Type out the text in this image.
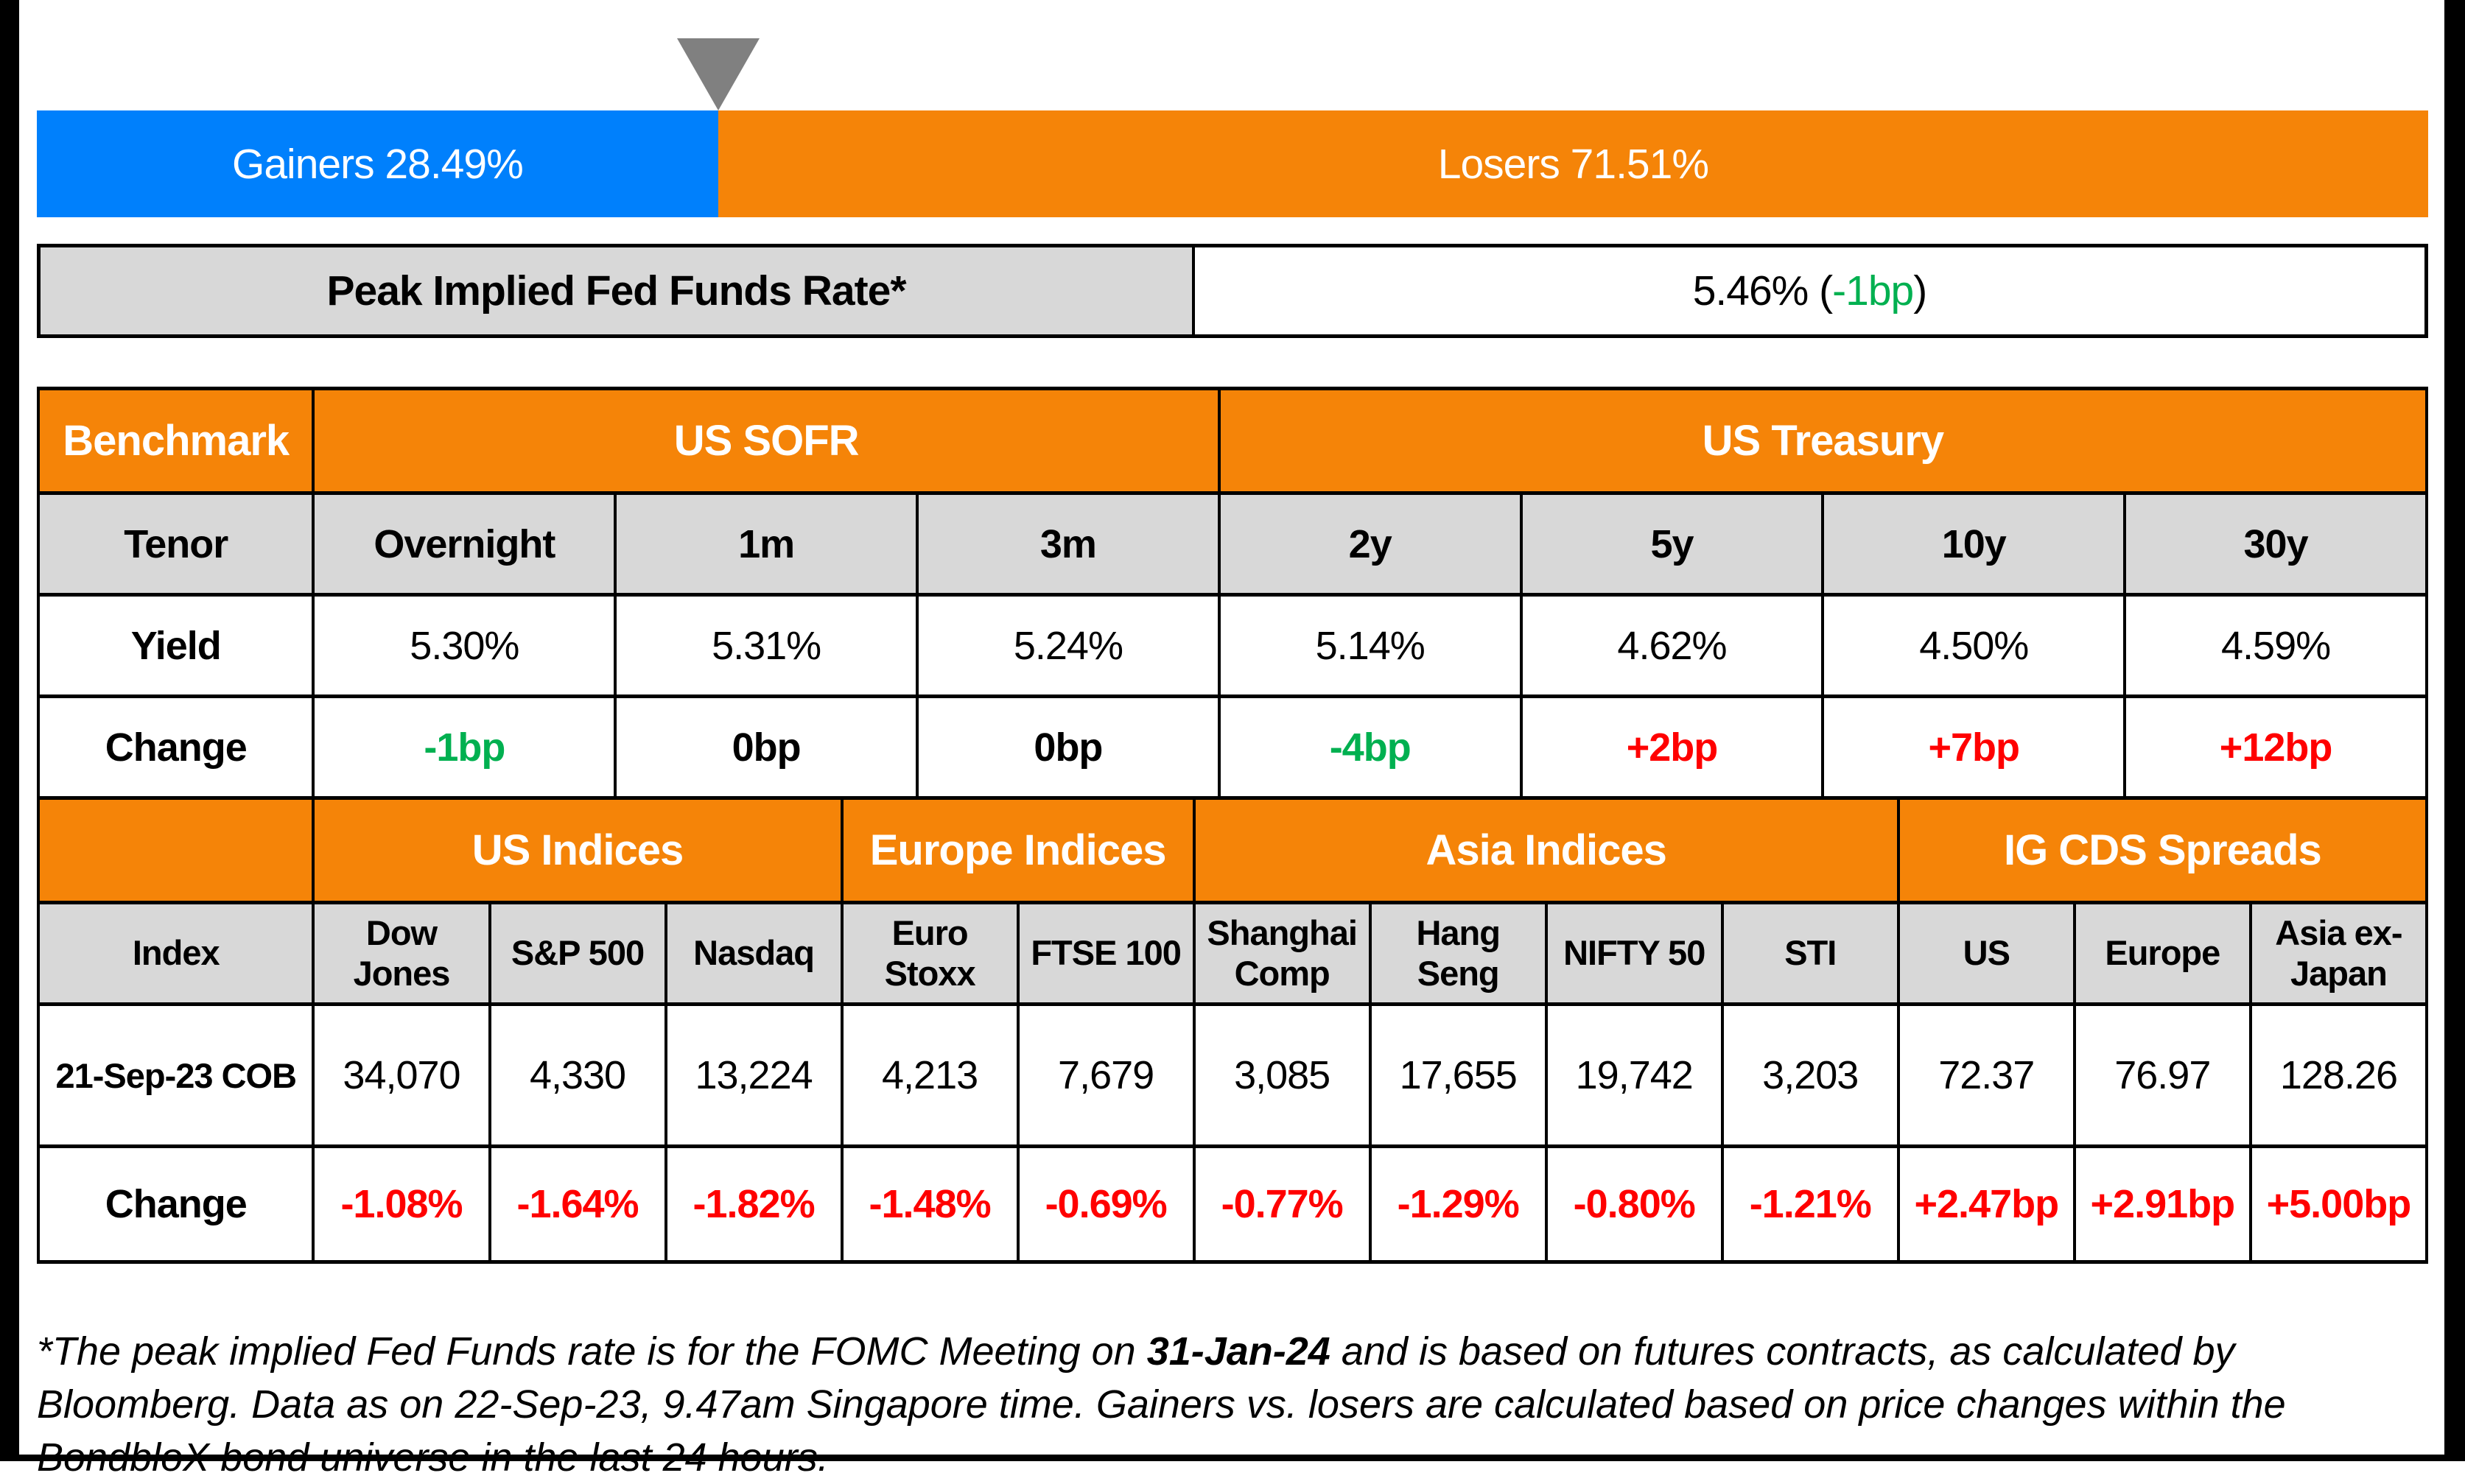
Gainers 28.49%	Losers 71.51%
Peak Implied Fed Funds Rate*	5.46% ( -1bp )
Benchmark	US SOFR			US Treasury			
Tenor	Overnight	1m	3m	2y	5y	10y	30y
Yield	5.30%	5.31%	5.24%	5.14%	4.62%	4.50%	4.59%
Change	-1bp	0bp	0bp	-4bp	+2bp	+7bp	+12bp
	US Indices			Europe Indices		Asia Indices				IG CDS Spreads		
Index	Dow Jones	S&P 500	Nasdaq	Euro Stoxx	FTSE 100	Shanghai Comp	Hang Seng	NIFTY 50	STI	US	Europe	Asia ex-Japan
21-Sep-23 COB	34,070	4,330	13,224	4,213	7,679	3,085	17,655	19,742	3,203	72.37	76.97	128.26
Change	-1.08%	-1.64%	-1.82%	-1.48%	-0.69%	-0.77%	-1.29%	-0.80%	-1.21%	+2.47bp	+2.91bp	+5.00bp

*The peak implied Fed Funds rate is for the FOMC Meeting on 31-Jan-24 and is based on futures contracts, as calculated by Bloomberg. Data as on 22-Sep-23, 9.47am Singapore time. Gainers vs. losers are calculated based on price changes within the BondbloX bond universe in the last 24 hours.
